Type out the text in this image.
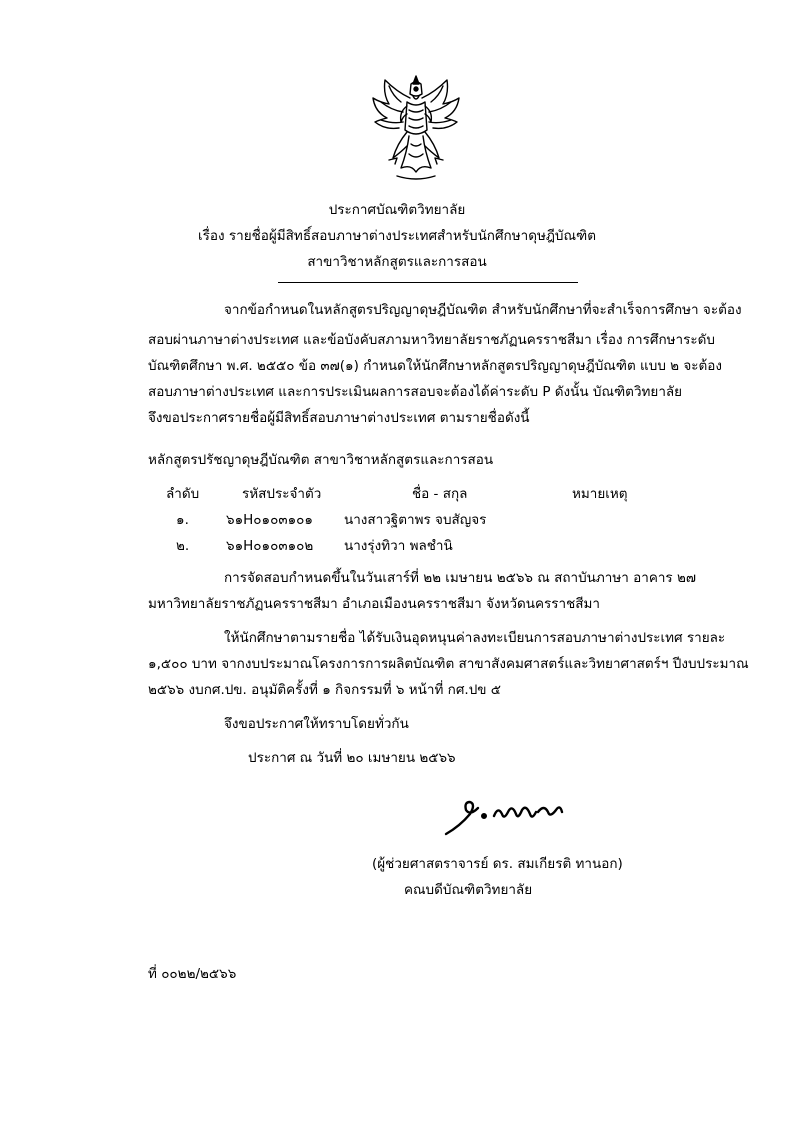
ประกาศบัณฑิตวิทยาลัย
เรื่อง รายชื่อผู้มีสิทธิ์สอบภาษาต่างประเทศสำหรับนักศึกษาดุษฎีบัณฑิต
สาขาวิชาหลักสูตรและการสอน
จากข้อกำหนดในหลักสูตรปริญญาดุษฎีบัณฑิต สำหรับนักศึกษาที่จะสำเร็จการศึกษา จะต้อง
สอบผ่านภาษาต่างประเทศ และข้อบังคับสภามหาวิทยาลัยราชภัฏนครราชสีมา เรื่อง การศึกษาระดับ
บัณฑิตศึกษา พ.ศ. ๒๕๕๐ ข้อ ๓๗(๑) กำหนดให้นักศึกษาหลักสูตรปริญญาดุษฎีบัณฑิต แบบ ๒ จะต้อง
สอบภาษาต่างประเทศ และการประเมินผลการสอบจะต้องได้ค่าระดับ P ดังนั้น บัณฑิตวิทยาลัย
จึงขอประกาศรายชื่อผู้มีสิทธิ์สอบภาษาต่างประเทศ ตามรายชื่อดังนี้
หลักสูตรปรัชญาดุษฎีบัณฑิต สาขาวิชาหลักสูตรและการสอน
ลำดับ	รหัสประจำตัว	ชื่อ - สกุล	หมายเหตุ
๑.	๖๑H๐๑๐๓๑๐๑ นางสาวฐิตาพร จบสัญจร
๒.	๖๑H๐๑๐๓๑๐๒ นางรุ่งทิวา พลชำนิ
การจัดสอบกำหนดขึ้นในวันเสาร์ที่ ๒๒ เมษายน ๒๕๖๖ ณ สถาบันภาษา อาคาร ๒๗
มหาวิทยาลัยราชภัฏนครราชสีมา อำเภอเมืองนครราชสีมา จังหวัดนครราชสีมา
ให้นักศึกษาตามรายชื่อ ได้รับเงินอุดหนุนค่าลงทะเบียนการสอบภาษาต่างประเทศ รายละ
๑,๕๐๐ บาท จากงบประมาณโครงการการผลิตบัณฑิต สาขาสังคมศาสตร์และวิทยาศาสตร์ฯ ปีงบประมาณ
๒๕๖๖ งบกศ.ปข. อนุมัติครั้งที่ ๑ กิจกรรมที่ ๖ หน้าที่ กศ.ปข ๕
จึงขอประกาศให้ทราบโดยทั่วกัน
ประกาศ ณ วันที่ ๒๐ เมษายน ๒๕๖๖
(ผู้ช่วยศาสตราจารย์ ดร. สมเกียรติ ทานอก)
คณบดีบัณฑิตวิทยาลัย
ที่ ๐๐๒๒/๒๕๖๖
